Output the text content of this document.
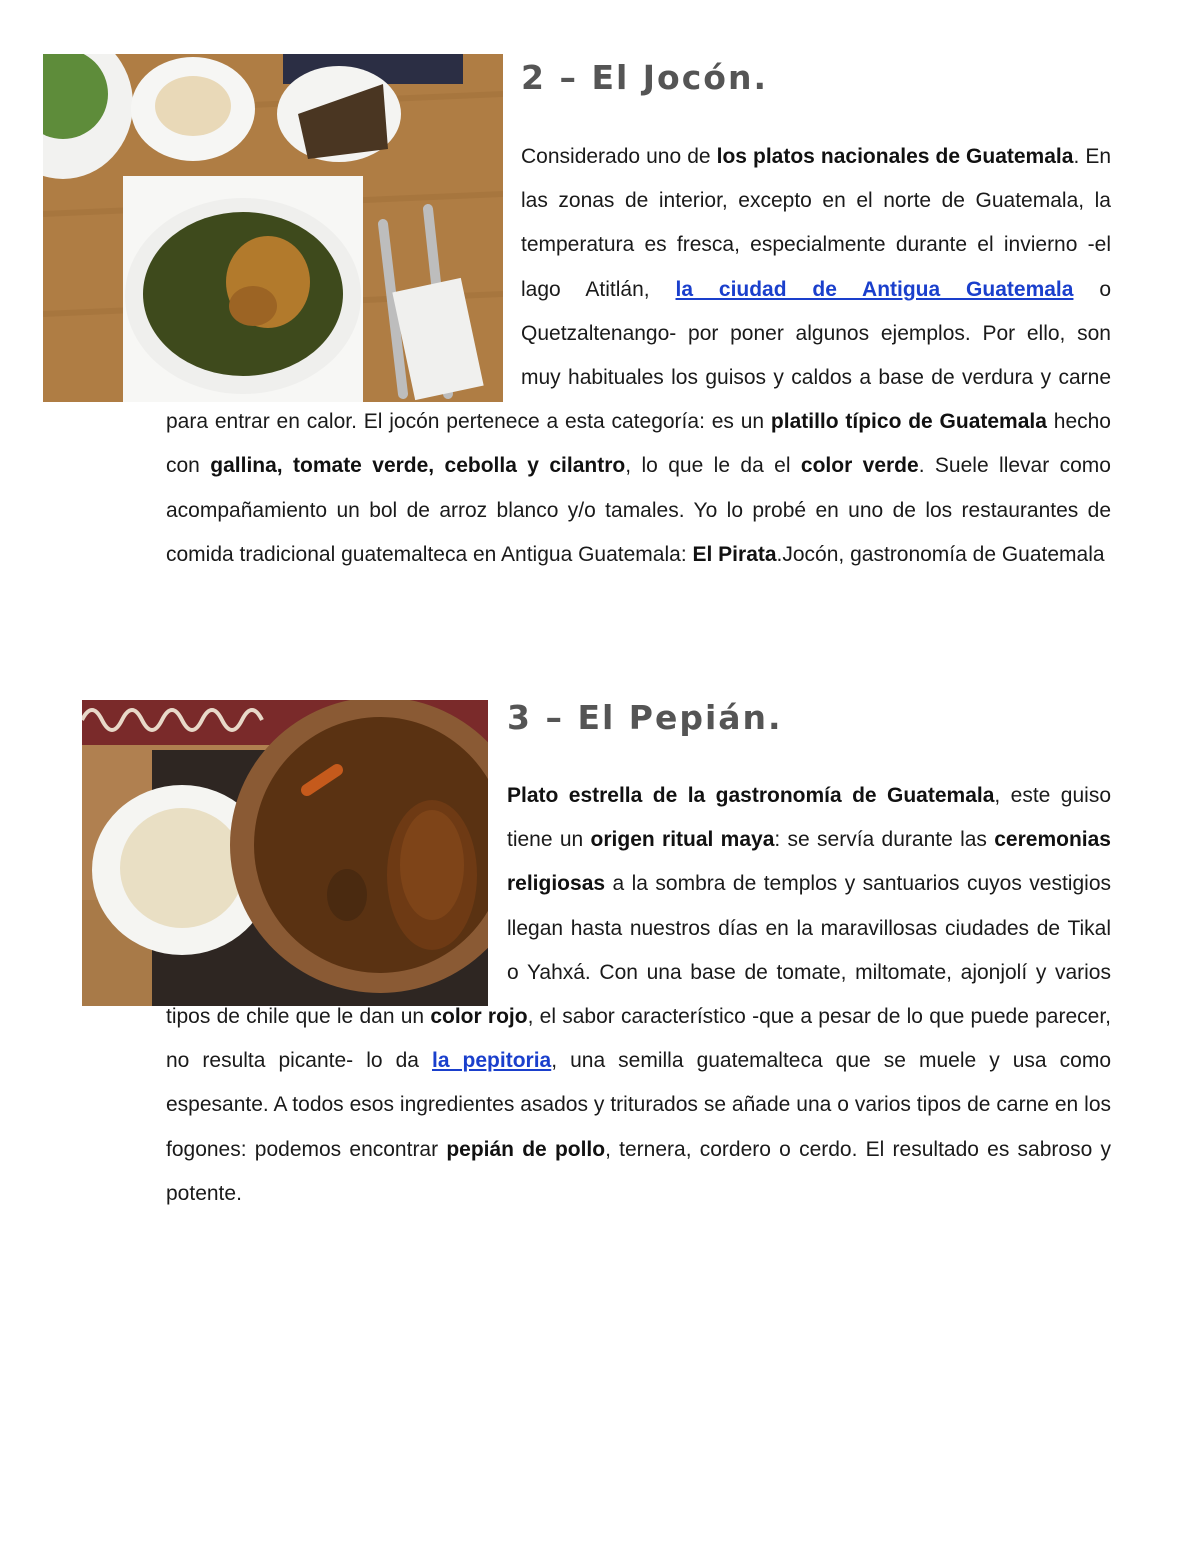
2 – El Jocón.

Considerado uno de los platos nacionales de Guatemala. En las zonas de interior, excepto en el norte de Guatemala, la temperatura es fresca, especialmente durante el invierno -el lago Atitlán, la ciudad de Antigua Guatemala o Quetzaltenango- por poner algunos ejemplos. Por ello, son muy habituales los guisos y caldos a base de verdura y carne para entrar en calor. El jocón pertenece a esta categoría: es un platillo típico de Guatemala hecho con gallina, tomate verde, cebolla y cilantro, lo que le da el color verde. Suele llevar como acompañamiento un bol de arroz blanco y/o tamales. Yo lo probé en uno de los restaurantes de comida tradicional guatemalteca en Antigua Guatemala: El Pirata.Jocón, gastronomía de Guatemala

3 – El Pepián.

Plato estrella de la gastronomía de Guatemala, este guiso tiene un origen ritual maya: se servía durante las ceremonias religiosas a la sombra de templos y santuarios cuyos vestigios llegan hasta nuestros días en la maravillosas ciudades de Tikal o Yahxá. Con una base de tomate, miltomate, ajonjolí y varios tipos de chile que le dan un color rojo, el sabor característico -que a pesar de lo que puede parecer, no resulta picante- lo da la pepitoria, una semilla guatemalteca que se muele y usa como espesante. A todos esos ingredientes asados y triturados se añade una o varios tipos de carne en los fogones: podemos encontrar pepián de pollo, ternera, cordero o cerdo. El resultado es sabroso y potente.
